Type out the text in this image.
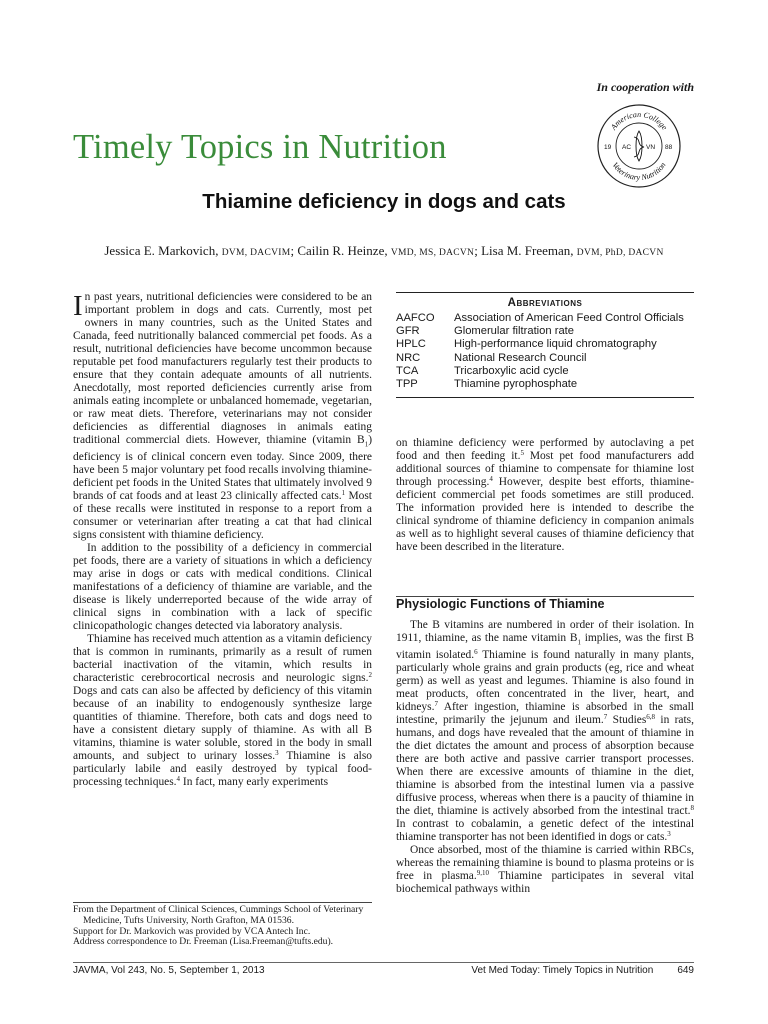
In cooperation with
American College
Veterinary Nutrition
19	88
AC VN
Timely Topics in Nutrition
Thiamine deficiency in dogs and cats
Jessica E. Markovich, DVM, DACVIM; Cailin R. Heinze, VMD, MS, DACVN; Lisa M. Freeman, DVM, PhD, DACVN

In past years, nutritional deficiencies were considered to be an important problem in dogs and cats. Currently, most pet owners in many countries, such as the United States and Canada, feed nutritionally balanced commercial pet foods. As a result, nutritional deficiencies have become uncommon because reputable pet food manufacturers regularly test their products to ensure that they contain adequate amounts of all nutrients. Anecdotally, most reported deficiencies currently arise from animals eating incomplete or unbalanced homemade, vegetarian, or raw meat diets. Therefore, veterinarians may not consider deficiencies as differential diagnoses in animals eating traditional commercial diets. However, thiamine (vitamin $B_1$) deficiency is of clinical concern even today. Since 2009, there have been 5 major voluntary pet food recalls involving thiamine-deficient pet foods in the United States that ultimately involved 9 brands of cat foods and at least 23 clinically affected cats.$^1$ Most of these recalls were instituted in response to a report from a consumer or veterinarian after treating a cat that had clinical signs consistent with thiamine deficiency.

In addition to the possibility of a deficiency in commercial pet foods, there are a variety of situations in which a deficiency may arise in dogs or cats with medical conditions. Clinical manifestations of a deficiency of thiamine are variable, and the disease is likely underreported because of the wide array of clinical signs in combination with a lack of specific clinicopathologic changes detected via laboratory analysis.

Thiamine has received much attention as a vitamin deficiency that is common in ruminants, primarily as a result of rumen bacterial inactivation of the vitamin, which results in characteristic cerebrocortical necrosis and neurologic signs.$^2$ Dogs and cats can also be affected by deficiency of this vitamin because of an inability to endogenously synthesize large quantities of thiamine. Therefore, both cats and dogs need to have a consistent dietary supply of thiamine. As with all B vitamins, thiamine is water soluble, stored in the body in small amounts, and subject to urinary losses.$^3$ Thiamine is also particularly labile and easily destroyed by typical food-processing techniques.$^4$ In fact, many early experiments

From the Department of Clinical Sciences, Cummings School of Veterinary Medicine, Tufts University, North Grafton, MA 01536.
Support for Dr. Markovich was provided by VCA Antech Inc.
Address correspondence to Dr. Freeman (Lisa.Freeman@tufts.edu).
Abbreviations
AAFCO	Association of American Feed Control Officials
GFR	Glomerular filtration rate
HPLC	High-performance liquid chromatography
NRC	National Research Council
TCA	Tricarboxylic acid cycle
TPP	Thiamine pyrophosphate

on thiamine deficiency were performed by autoclaving a pet food and then feeding it.$^5$ Most pet food manufacturers add additional sources of thiamine to compensate for thiamine lost through processing.$^4$ However, despite best efforts, thiamine-deficient commercial pet foods sometimes are still produced. The information provided here is intended to describe the clinical syndrome of thiamine deficiency in companion animals as well as to highlight several causes of thiamine deficiency that have been described in the literature.

Physiologic Functions of Thiamine

The B vitamins are numbered in order of their isolation. In 1911, thiamine, as the name vitamin $B_1$ implies, was the first B vitamin isolated.$^6$ Thiamine is found naturally in many plants, particularly whole grains and grain products (eg, rice and wheat germ) as well as yeast and legumes. Thiamine is also found in meat products, often concentrated in the liver, heart, and kidneys.$^7$ After ingestion, thiamine is absorbed in the small intestine, primarily the jejunum and ileum.$^7$ Studies$^{6,8}$ in rats, humans, and dogs have revealed that the amount of thiamine in the diet dictates the amount and process of absorption because there are both active and passive carrier transport processes. When there are excessive amounts of thiamine in the diet, thiamine is absorbed from the intestinal lumen via a passive diffusive process, whereas when there is a paucity of thiamine in the diet, thiamine is actively absorbed from the intestinal tract.$^8$ In contrast to cobalamin, a genetic defect of the intestinal thiamine transporter has not been identified in dogs or cats.$^3$

Once absorbed, most of the thiamine is carried within RBCs, whereas the remaining thiamine is bound to plasma proteins or is free in plasma.$^{9,10}$ Thiamine participates in several vital biochemical pathways within

JAVMA, Vol 243, No. 5, September 1, 2013	Vet Med Today: Timely Topics in Nutrition 649
